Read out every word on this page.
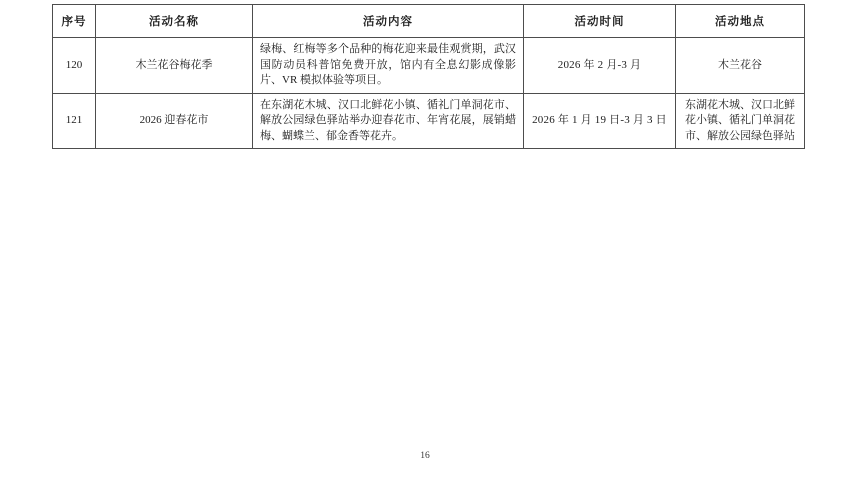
序号	活动名称	活动内容	活动时间	活动地点
120	木兰花谷梅花季	绿梅、红梅等多个品种的梅花迎来最佳观赏期，武汉国防动员科普馆免费开放，馆内有全息幻影成像影片、VR 模拟体验等项目。	2026 年 2 月-3 月	木兰花谷
121	2026 迎春花市	在东湖花木城、汉口北鲜花小镇、循礼门单洞花市、解放公园绿色驿站举办迎春花市、年宵花展，展销蜡梅、蝴蝶兰、郁金香等花卉。	2026 年 1 月 19 日-3 月 3 日	东湖花木城、汉口北鲜花小镇、循礼门单洞花市、解放公园绿色驿站
16
